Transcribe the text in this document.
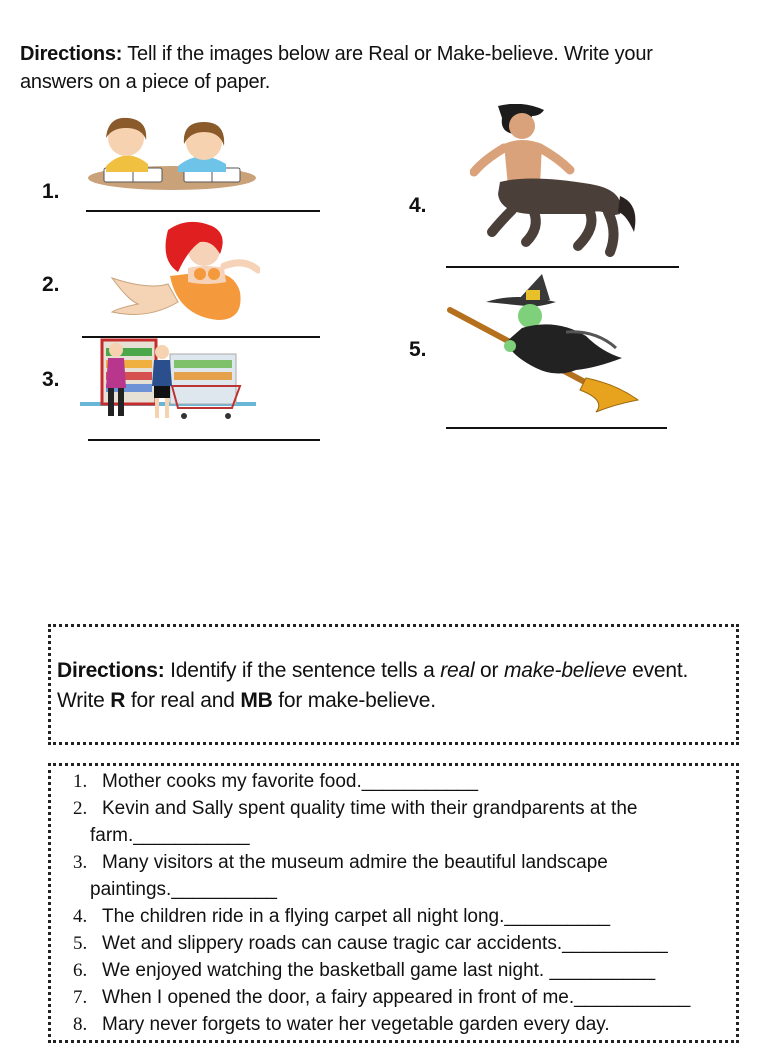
Directions: Tell if the images below are Real or Make-believe. Write your answers on a piece of paper.
1.
2.
3.
4.
5.
Directions: Identify if the sentence tells a real or make-believe event.
Write R for real and MB for make-believe.
1. Mother cooks my favorite food.___________
2. Kevin and Sally spent quality time with their grandparents at the
farm.___________
3. Many visitors at the museum admire the beautiful landscape
paintings.__________
4. The children ride in a flying carpet all night long.__________
5. Wet and slippery roads can cause tragic car accidents.__________
6. We enjoyed watching the basketball game last night. __________
7. When I opened the door, a fairy appeared in front of me.___________
8. Mary never forgets to water her vegetable garden every day.
